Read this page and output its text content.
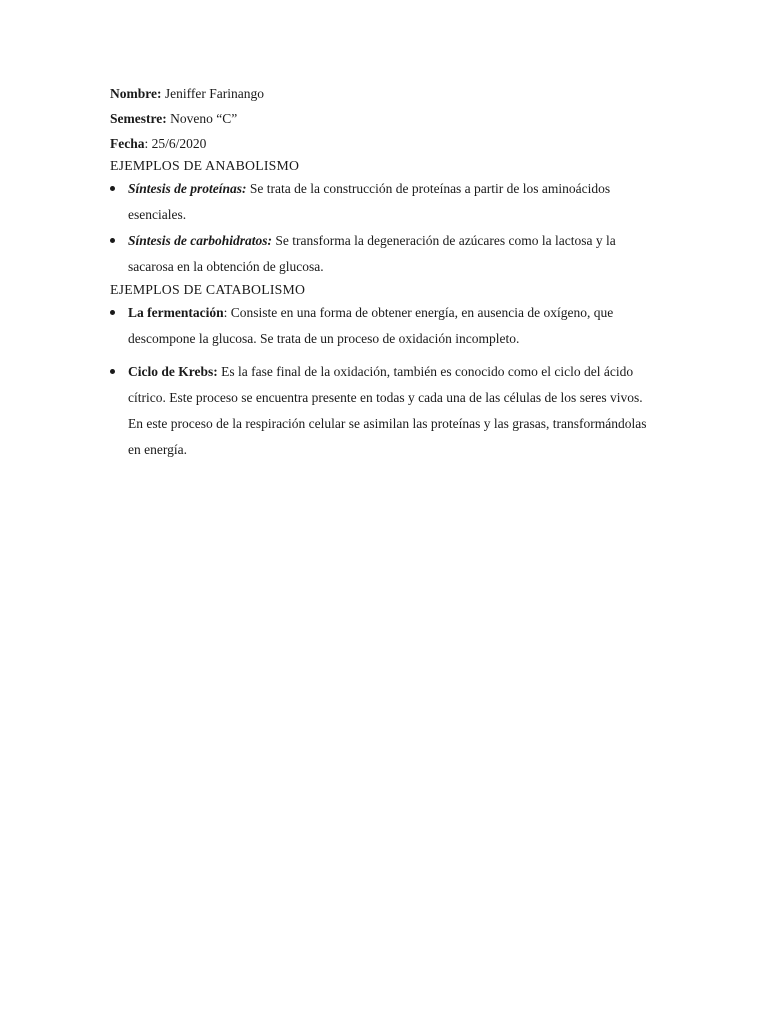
Nombre: Jeniffer Farinango
Semestre: Noveno “C”
Fecha: 25/6/2020
EJEMPLOS DE ANABOLISMO
Síntesis de proteínas: Se trata de la construcción de proteínas a partir de los aminoácidos esenciales.
Síntesis de carbohidratos: Se transforma la degeneración de azúcares como la lactosa y la sacarosa en la obtención de glucosa.
EJEMPLOS DE CATABOLISMO
La fermentación: Consiste en una forma de obtener energía, en ausencia de oxígeno, que descompone la glucosa. Se trata de un proceso de oxidación incompleto.
Ciclo de Krebs: Es la fase final de la oxidación, también es conocido como el ciclo del ácido cítrico. Este proceso se encuentra presente en todas y cada una de las células de los seres vivos. En este proceso de la respiración celular se asimilan las proteínas y las grasas, transformándolas en energía.
